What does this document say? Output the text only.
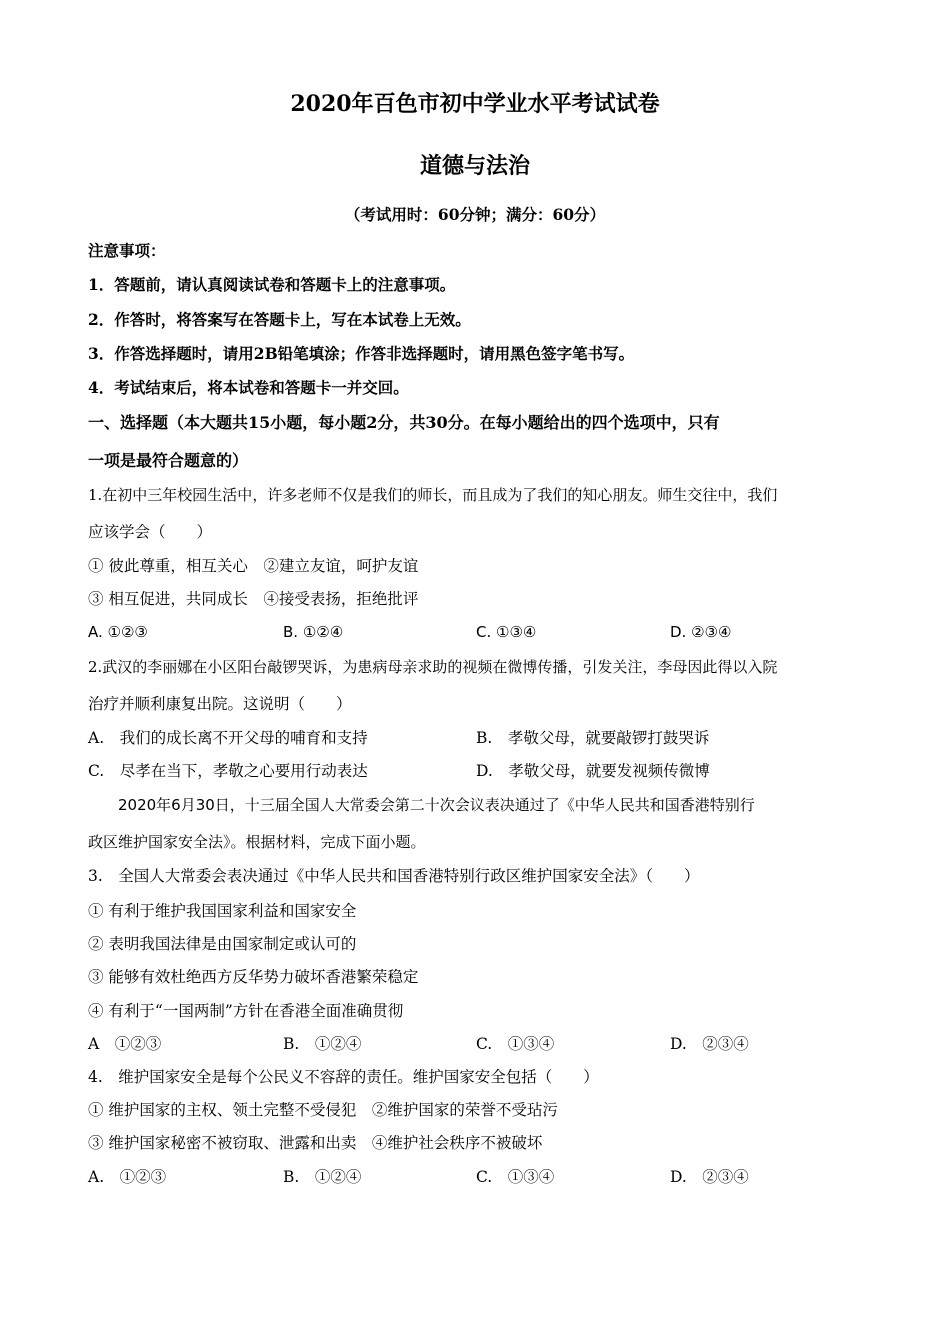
2020年百色市初中学业水平考试试卷
道德与法治
（考试用时：60分钟；满分：60分）
注意事项：
1．答题前，请认真阅读试卷和答题卡上的注意事项。
2．作答时，将答案写在答题卡上，写在本试卷上无效。
3．作答选择题时，请用2B铅笔填涂；作答非选择题时，请用黑色签字笔书写。
4．考试结束后，将本试卷和答题卡一并交回。
一、选择题（本大题共15小题，每小题2分，共30分。在每小题给出的四个选项中，只有
一项是最符合题意的）
1.在初中三年校园生活中，许多老师不仅是我们的师长，而且成为了我们的知心朋友。师生交往中，我们
应该学会（　　）
① 彼此尊重，相互关心　②建立友谊，呵护友谊
③ 相互促进，共同成长　④接受表扬，拒绝批评
A. ①②③	B. ①②④	C. ①③④	D. ②③④
2.武汉的李丽娜在小区阳台敲锣哭诉，为患病母亲求助的视频在微博传播，引发关注，李母因此得以入院
治疗并顺利康复出院。这说明（　　）
A.　我们的成长离不开父母的哺育和支持	B.　孝敬父母，就要敲锣打鼓哭诉
C.　尽孝在当下，孝敬之心要用行动表达	D.　孝敬父母，就要发视频传微博
2020年6月30日，十三届全国人大常委会第二十次会议表决通过了《中华人民共和国香港特别行
政区维护国家安全法》。根据材料，完成下面小题。
3.　全国人大常委会表决通过《中华人民共和国香港特别行政区维护国家安全法》（　　）
① 有利于维护我国国家利益和国家安全
② 表明我国法律是由国家制定或认可的
③ 能够有效杜绝西方反华势力破坏香港繁荣稳定
④ 有利于“一国两制”方针在香港全面准确贯彻
A　①②③	B.　①②④	C.　①③④	D.　②③④
4.　维护国家安全是每个公民义不容辞的责任。维护国家安全包括（　　）
① 维护国家的主权、领土完整不受侵犯　②维护国家的荣誉不受玷污
③ 维护国家秘密不被窃取、泄露和出卖　④维护社会秩序不被破坏
A.　①②③	B.　①②④	C.　①③④	D.　②③④
